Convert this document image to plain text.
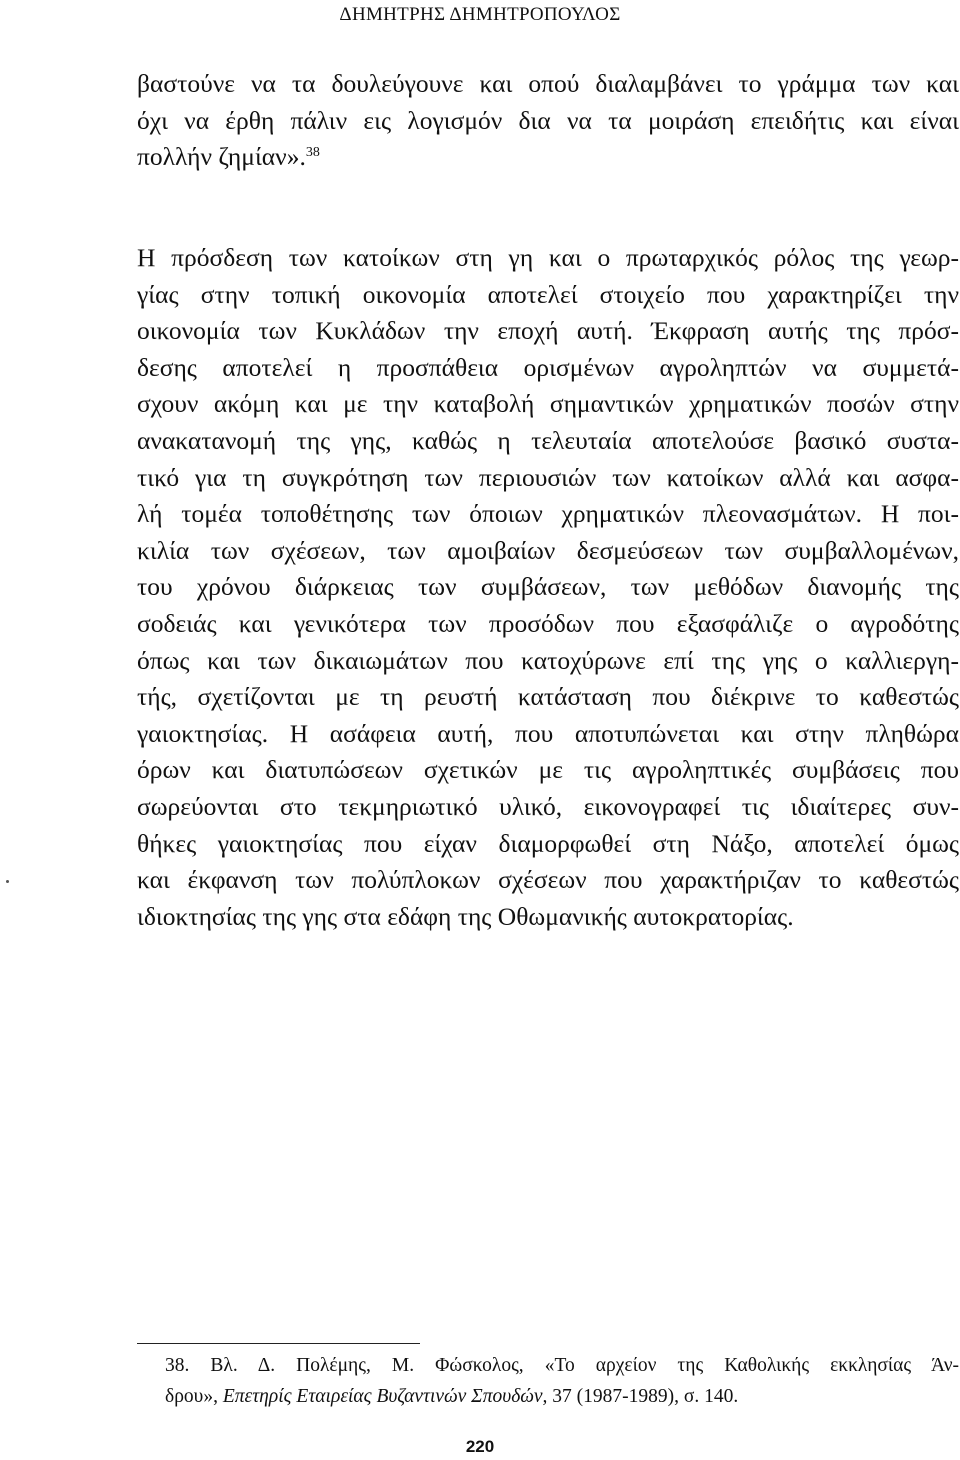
ΔΗΜΗΤΡΗΣ ΔΗΜΗΤΡΟΠΟΥΛΟΣ
βαστούνε να τα δουλεύγουνε και οπού διαλαμβάνει το γράμμα των και
όχι να έρθη πάλιν εις λογισμόν δια να τα μοιράση επειδήτις και είναι
πολλήν ζημίαν».$^{38}$
Η πρόσδεση των κατοίκων στη γη και ο πρωταρχικός ρόλος της γεωρ-
γίας στην τοπική οικονομία αποτελεί στοιχείο που χαρακτηρίζει την
οικονομία των Κυκλάδων την εποχή αυτή. Έκφραση αυτής της πρόσ-
δεσης αποτελεί η προσπάθεια ορισμένων αγροληπτών να συμμετά-
σχουν ακόμη και με την καταβολή σημαντικών χρηματικών ποσών στην
ανακατανομή της γης, καθώς η τελευταία αποτελούσε βασικό συστα-
τικό για τη συγκρότηση των περιουσιών των κατοίκων αλλά και ασφα-
λή τομέα τοποθέτησης των όποιων χρηματικών πλεονασμάτων. Η ποι-
κιλία των σχέσεων, των αμοιβαίων δεσμεύσεων των συμβαλλομένων,
του χρόνου διάρκειας των συμβάσεων, των μεθόδων διανομής της
σοδειάς και γενικότερα των προσόδων που εξασφάλιζε ο αγροδότης
όπως και των δικαιωμάτων που κατοχύρωνε επί της γης ο καλλιεργη-
τής, σχετίζονται με τη ρευστή κατάσταση που διέκρινε το καθεστώς
γαιοκτησίας. Η ασάφεια αυτή, που αποτυπώνεται και στην πληθώρα
όρων και διατυπώσεων σχετικών με τις αγροληπτικές συμβάσεις που
σωρεύονται στο τεκμηριωτικό υλικό, εικονογραφεί τις ιδιαίτερες συν-
θήκες γαιοκτησίας που είχαν διαμορφωθεί στη Νάξο, αποτελεί όμως
και έκφανση των πολύπλοκων σχέσεων που χαρακτήριζαν το καθεστώς
ιδιοκτησίας της γης στα εδάφη της Οθωμανικής αυτοκρατορίας.
38. Βλ. Δ. Πολέμης, Μ. Φώσκολος, «Το αρχείον της Καθολικής εκκλησίας Άν-
δρου», Επετηρίς Εταιρείας Βυζαντινών Σπουδών, 37 (1987-1989), σ. 140.
220
